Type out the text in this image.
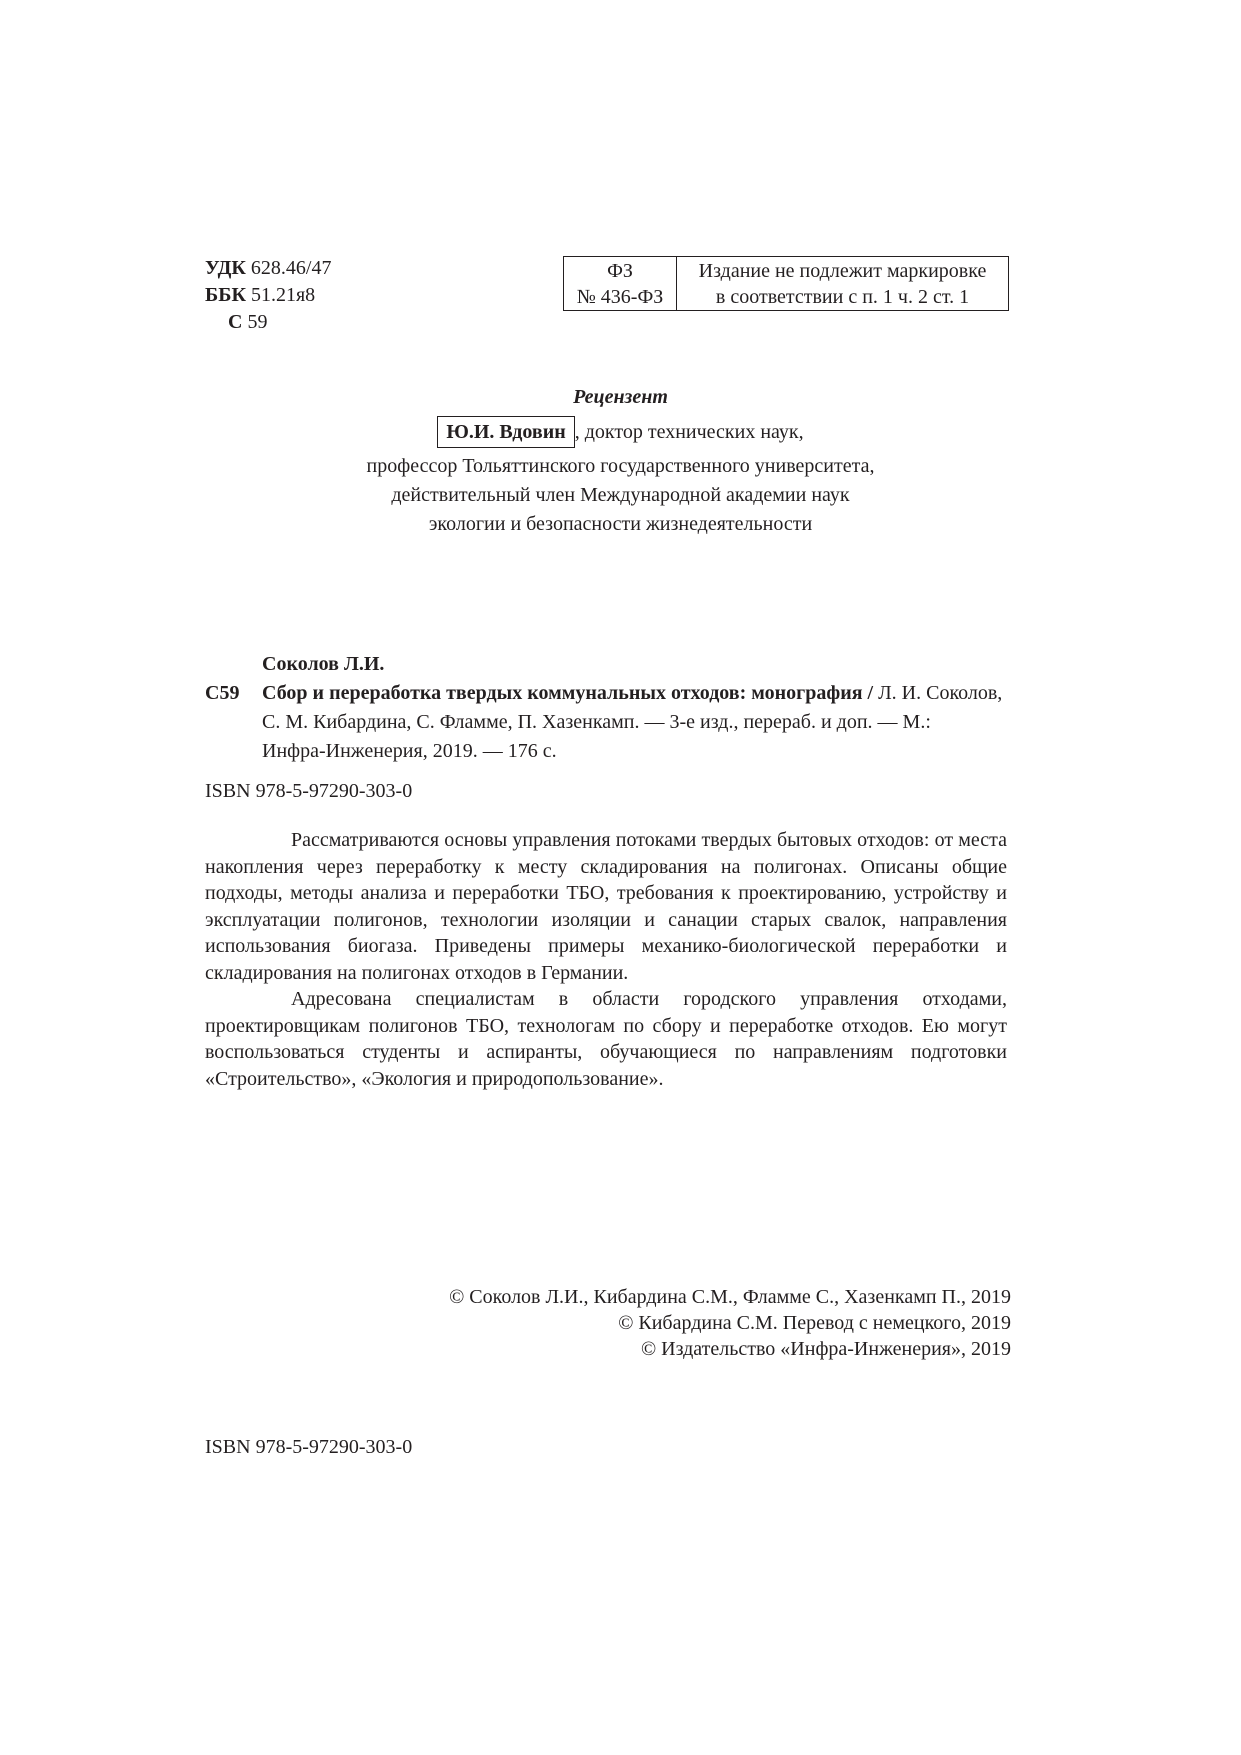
УДК 628.46/47
ББК 51.21я8
С 59
ФЗ
№ 436-ФЗ
Издание не подлежит маркировке
в соответствии с п. 1 ч. 2 ст. 1
Рецензент
Ю.И. Вдовин , доктор технических наук,
профессор Тольяттинского государственного университета,
действительный член Международной академии наук
экологии и безопасности жизнедеятельности
Соколов Л.И.
С59 Сбор и переработка твердых коммунальных отходов: монография / Л. И. Соколов,
С. М. Кибардина, С. Фламме, П. Хазенкамп. — 3-е изд., перераб. и доп. — М.:
Инфра-Инженерия, 2019. — 176 с.
ISBN 978-5-97290-303-0

Рассматриваются основы управления потоками твердых бытовых отходов: от места накопления через переработку к месту складирования на полигонах. Описаны общие подходы, методы анализа и переработки ТБО, требования к проектированию, устройству и эксплуатации полигонов, технологии изоляции и санации старых свалок, направления использования биогаза. Приведены примеры механико-биологической переработки и складирования на полигонах отходов в Германии.

Адресована специалистам в области городского управления отходами, проектировщикам полигонов ТБО, технологам по сбору и переработке отходов. Ею могут воспользоваться студенты и аспиранты, обучающиеся по направлениям подготовки «Строительство», «Экология и природопользование».

© Соколов Л.И., Кибардина С.М., Фламме С., Хазенкамп П., 2019
© Кибардина С.М. Перевод с немецкого, 2019
© Издательство «Инфра-Инженерия», 2019
ISBN 978-5-97290-303-0
